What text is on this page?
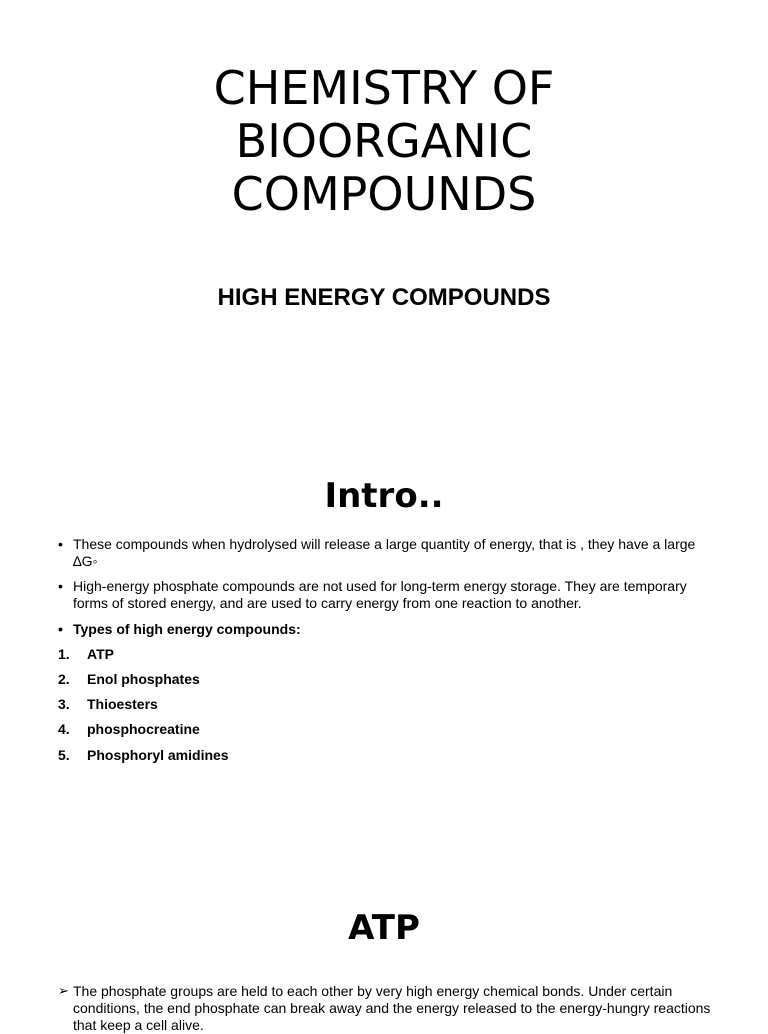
CHEMISTRY OF
BIOORGANIC
COMPOUNDS
HIGH ENERGY COMPOUNDS
Intro..
• These compounds when hydrolysed will release a large quantity of energy, that is , they have a large ∆G◦
• High-energy phosphate compounds are not used for long-term energy storage. They are temporary forms of stored energy, and are used to carry energy from one reaction to another.
• Types of high energy compounds:
1. ATP
2. Enol phosphates
3. Thioesters
4. phosphocreatine
5. Phosphoryl amidines
ATP
➢ The phosphate groups are held to each other by very high energy chemical bonds. Under certain conditions, the end phosphate can break away and the energy released to the energy-hungry reactions that keep a cell alive.
